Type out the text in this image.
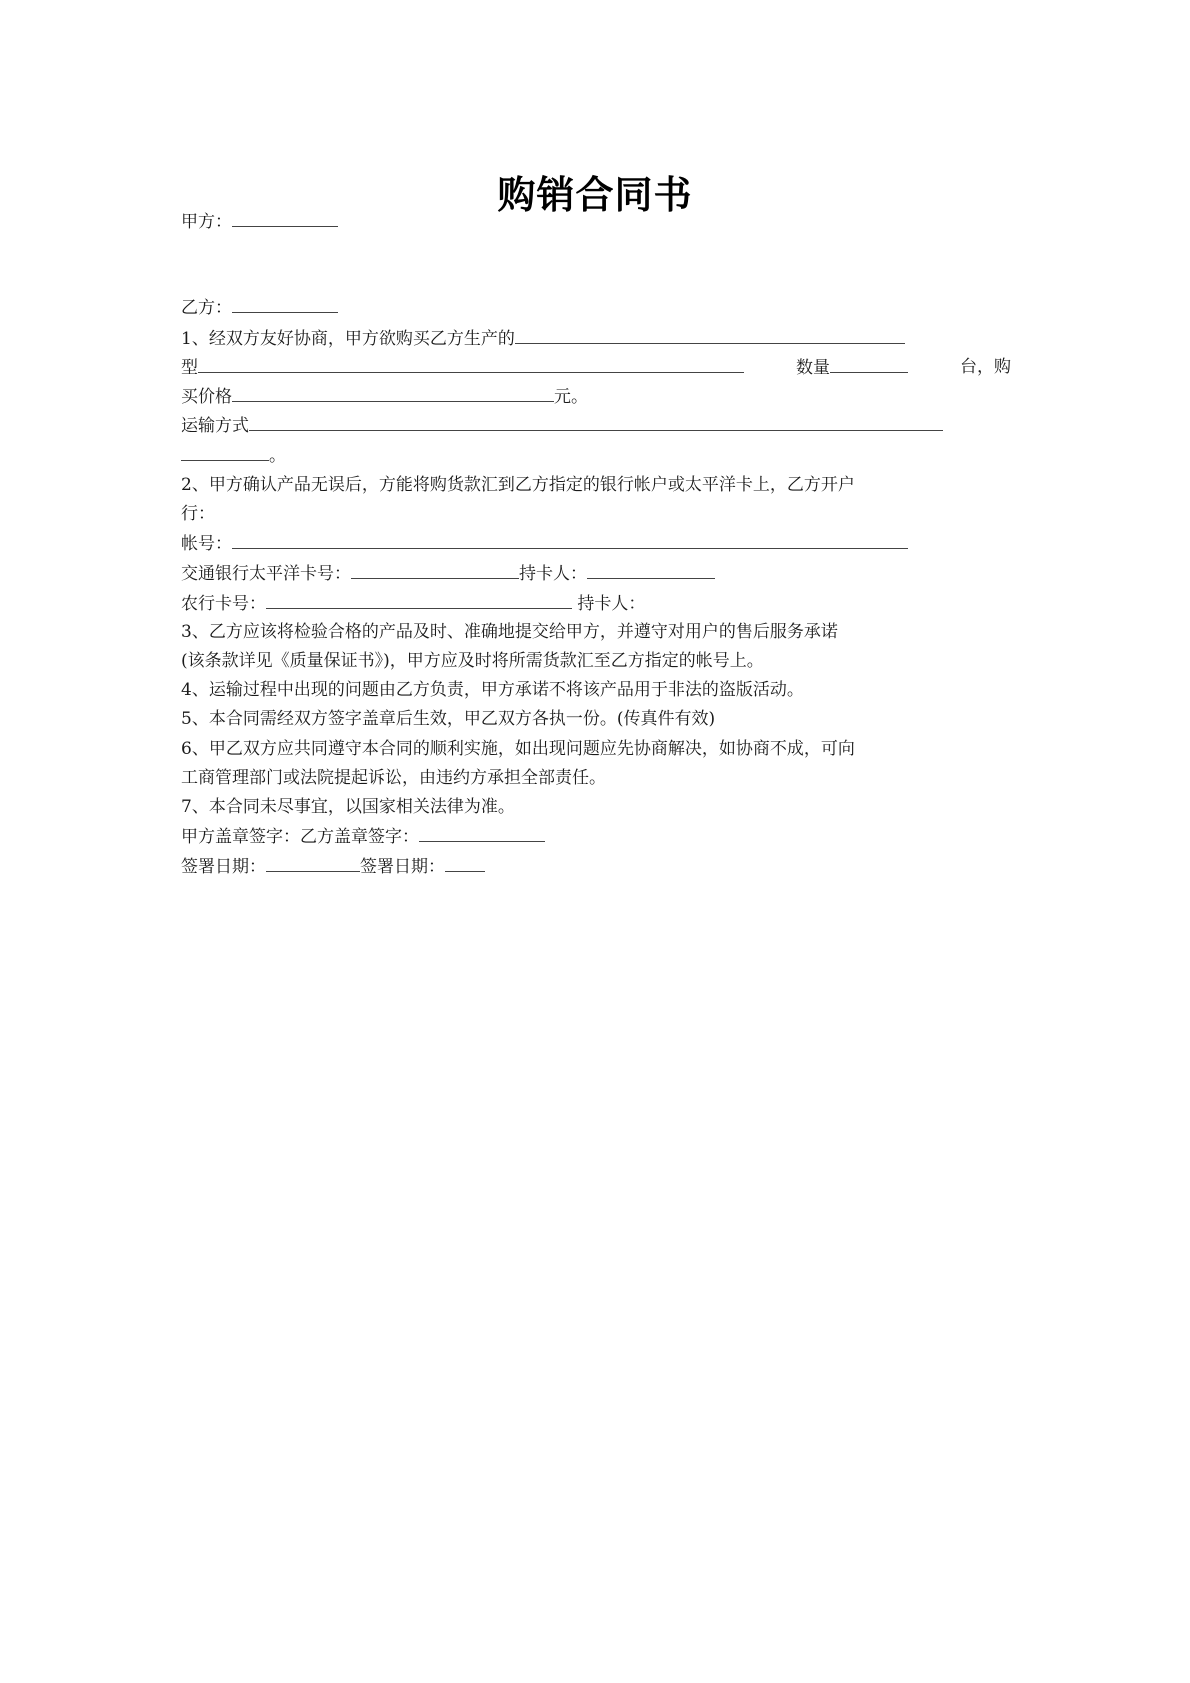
购销合同书
甲方：
乙方：
1、经双方友好协商，甲方欲购买乙方生产的
型	数量	台，购
买价格	元。
运输方式
。
2、甲方确认产品无误后，方能将购货款汇到乙方指定的银行帐户或太平洋卡上，乙方开户
行：
帐号：
交通银行太平洋卡号：	持卡人：
农行卡号：	持卡人：
3、乙方应该将检验合格的产品及时、准确地提交给甲方，并遵守对用户的售后服务承诺
(该条款详见《质量保证书》)，甲方应及时将所需货款汇至乙方指定的帐号上。
4、运输过程中出现的问题由乙方负责，甲方承诺不将该产品用于非法的盗版活动。
5、本合同需经双方签字盖章后生效，甲乙双方各执一份。(传真件有效)
6、甲乙双方应共同遵守本合同的顺利实施，如出现问题应先协商解决，如协商不成，可向
工商管理部门或法院提起诉讼，由违约方承担全部责任。
7、本合同未尽事宜，以国家相关法律为准。
甲方盖章签字：乙方盖章签字：
签署日期：	签署日期：
